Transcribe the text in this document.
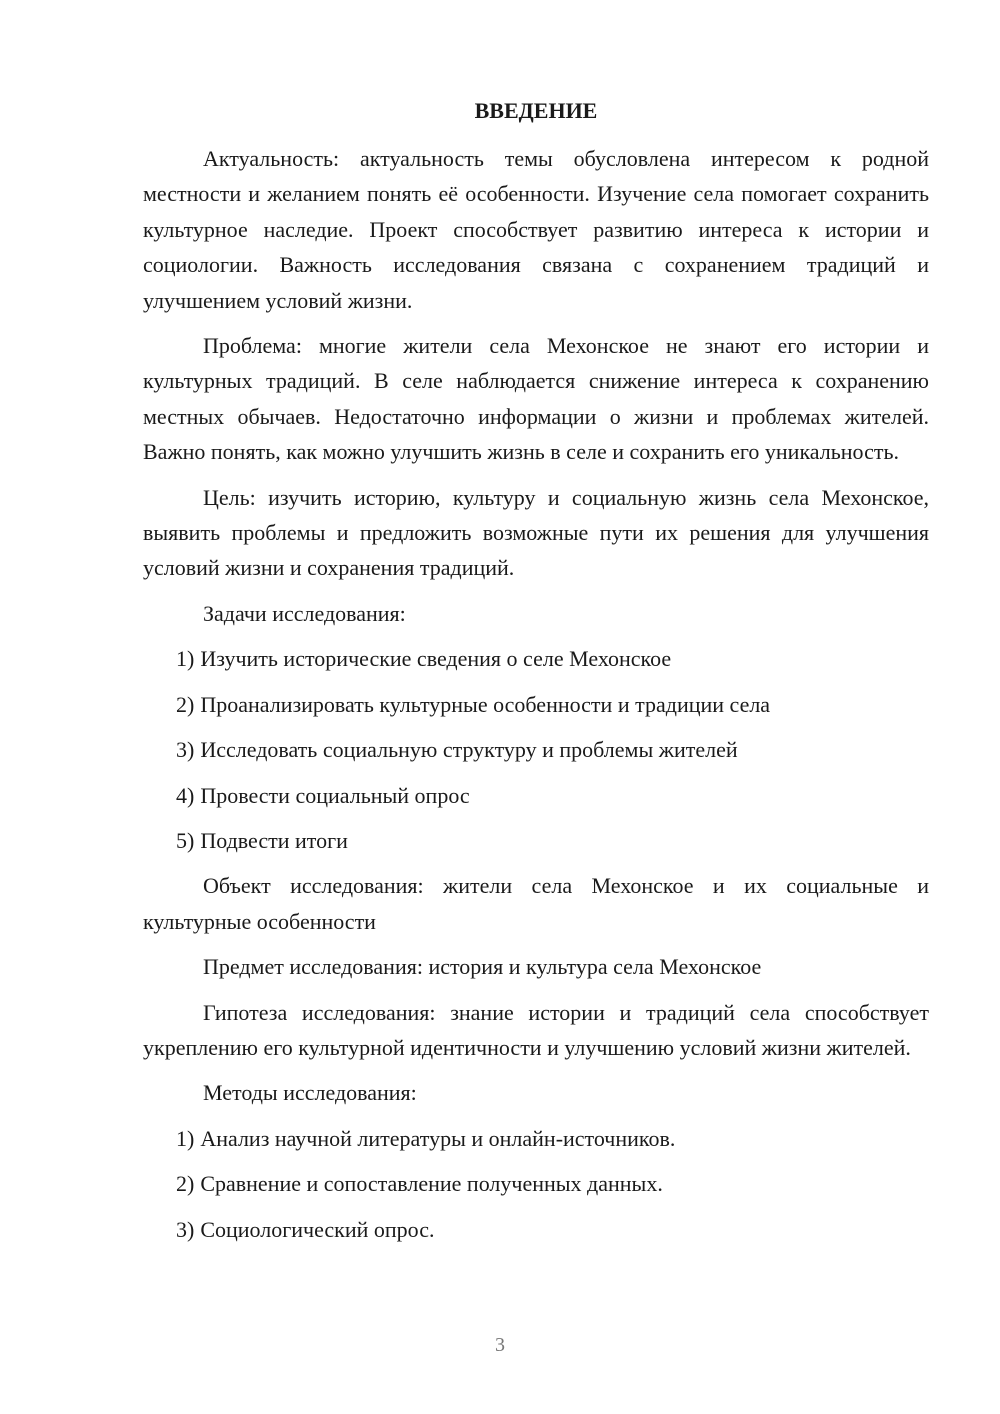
ВВЕДЕНИЕ

Актуальность: актуальность темы обусловлена интересом к родной местности и желанием понять её особенности. Изучение села помогает сохранить культурное наследие. Проект способствует развитию интереса к истории и социологии. Важность исследования связана с сохранением традиций и улучшением условий жизни.

Проблема: многие жители села Мехонское не знают его истории и культурных традиций. В селе наблюдается снижение интереса к сохранению местных обычаев. Недостаточно информации о жизни и проблемах жителей. Важно понять, как можно улучшить жизнь в селе и сохранить его уникальность.

Цель: изучить историю, культуру и социальную жизнь села Мехонское, выявить проблемы и предложить возможные пути их решения для улучшения условий жизни и сохранения традиций.

Задачи исследования:

1) Изучить исторические сведения о селе Мехонское
2) Проанализировать культурные особенности и традиции села
3) Исследовать социальную структуру и проблемы жителей
4) Провести социальный опрос
5) Подвести итоги

Объект исследования: жители села Мехонское и их социальные и культурные особенности

Предмет исследования: история и культура села Мехонское

Гипотеза исследования: знание истории и традиций села способствует укреплению его культурной идентичности и улучшению условий жизни жителей.

Методы исследования:

1) Анализ научной литературы и онлайн-источников.
2) Сравнение и сопоставление полученных данных.
3) Социологический опрос.
3
